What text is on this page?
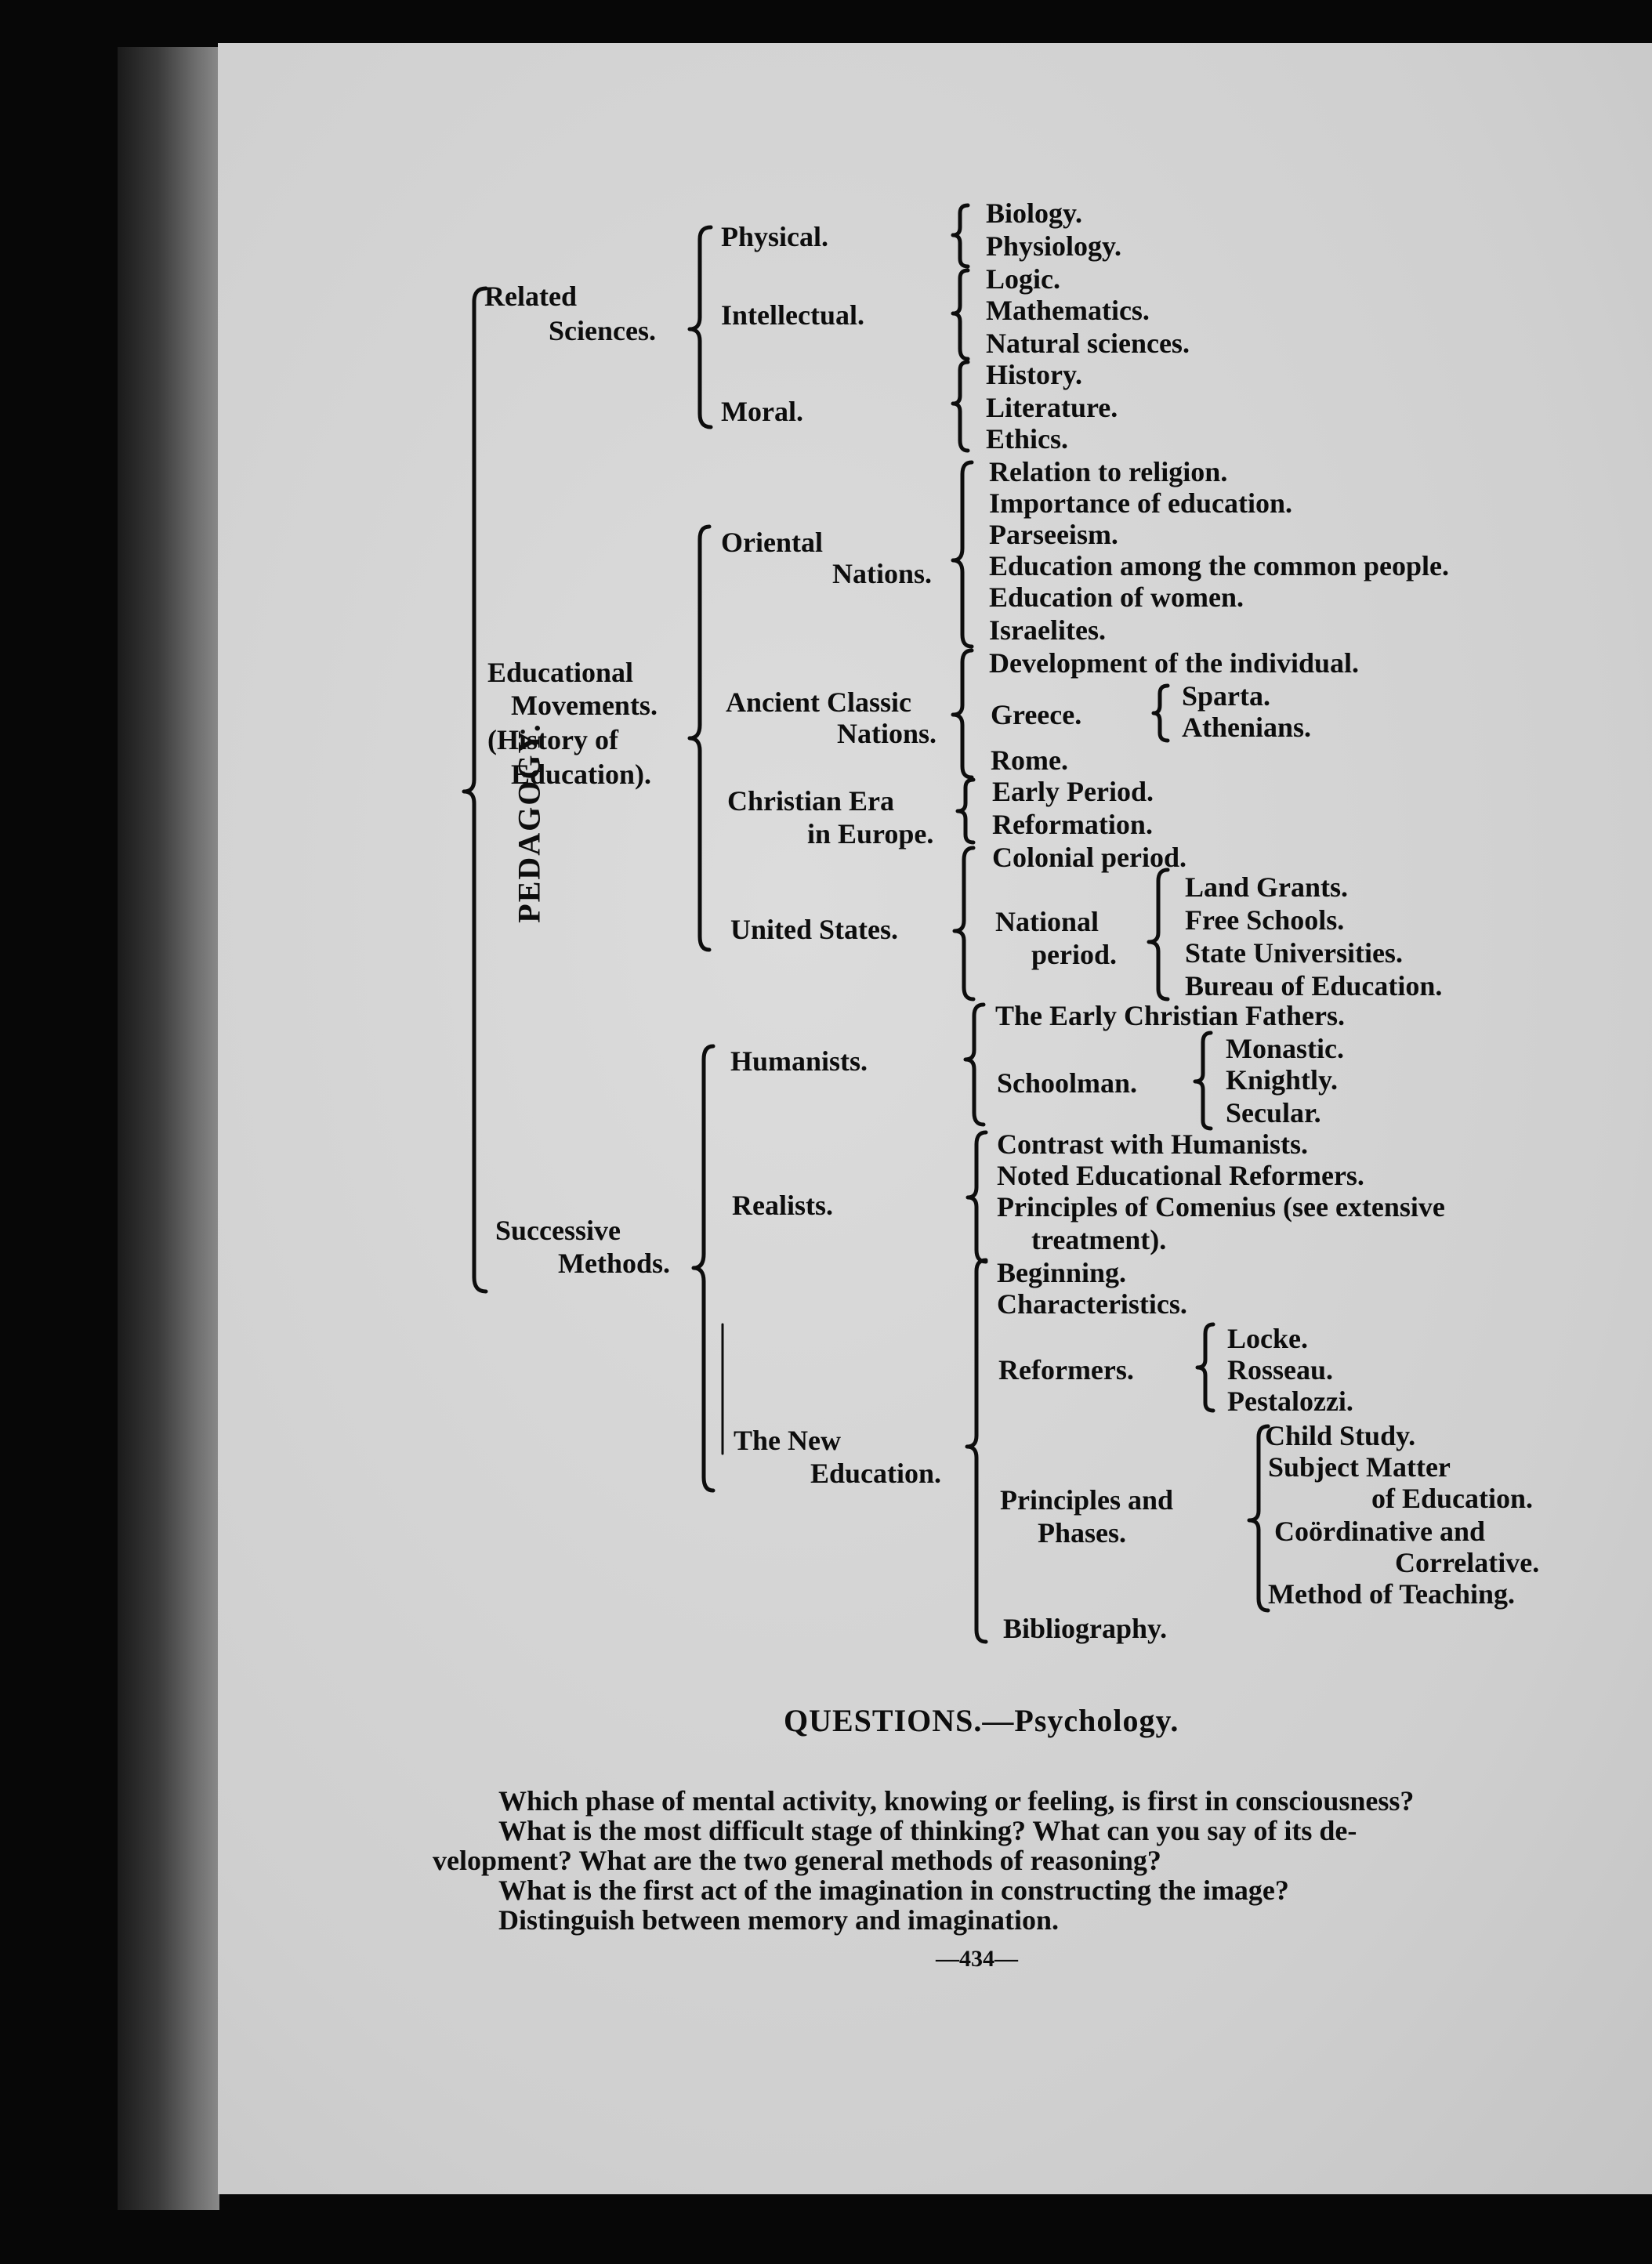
PEDAGOGY.
Related
Sciences.
Physical.
Intellectual.
Moral.
Biology.
Physiology.
Logic.
Mathematics.
Natural sciences.
History.
Literature.
Ethics.
Educational
Movements.
(History of
Education).
Oriental
Nations.
Relation to religion.
Importance of education.
Parseeism.
Education among the common people.
Education of women.
Israelites.
Ancient Classic
Nations.
Development of the individual.
Greece.
Sparta.
Athenians.
Rome.
Christian Era
in Europe.
Early Period.
Reformation.
United States.
Colonial period.
National
period.
Land Grants.
Free Schools.
State Universities.
Bureau of Education.
Successive
Methods.
Humanists.
The Early Christian Fathers.
Schoolman.
Monastic.
Knightly.
Secular.
Realists.
Contrast with Humanists.
Noted Educational Reformers.
Principles of Comenius (see extensive
treatment).
The New
Education.
Beginning.
Characteristics.
Reformers.
Locke.
Rosseau.
Pestalozzi.
Principles and
Phases.
Child Study.
Subject Matter
of Education.
Coördinative and
Correlative.
Method of Teaching.
Bibliography.
QUESTIONS.—Psychology.
Which phase of mental activity, knowing or feeling, is first in consciousness?
What is the most difficult stage of thinking? What can you say of its de-
velopment? What are the two general methods of reasoning?
What is the first act of the imagination in constructing the image?
Distinguish between memory and imagination.
—434—
